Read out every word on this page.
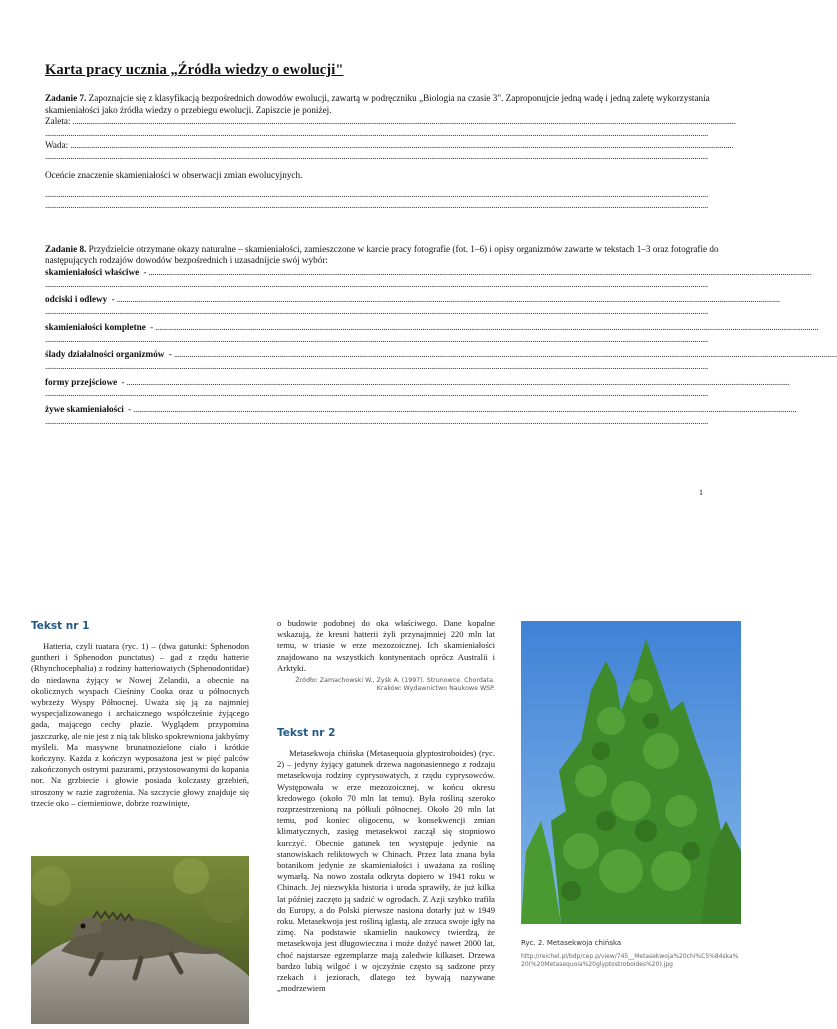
Karta pracy ucznia „Źródła wiedzy o ewolucji"
Zadanie 7. Zapoznajcie się z klasyfikacją bezpośrednich dowodów ewolucji, zawartą w podręczniku „Biologia na czasie 3". Zaproponujcie jedną wadę i jedną zaletę wykorzystania skamieniałości jako źródła wiedzy o przebiegu ewolucji. Zapiszcie je poniżej.
Zaleta: ....................................................................................................................................................................................................................................................................................................................................................
....................................................................................................................................................................................................................................................................................................................................................
Wada: ....................................................................................................................................................................................................................................................................................................................................................
....................................................................................................................................................................................................................................................................................................................................................
Oceńcie znaczenie skamieniałości w obserwacji zmian ewolucyjnych.
....................................................................................................................................................................................................................................................................................................................................................
....................................................................................................................................................................................................................................................................................................................................................
Zadanie 8. Przydzielcie otrzymane okazy naturalne – skamieniałości, zamieszczone w karcie pracy fotografie (fot. 1–6) i opisy organizmów zawarte w tekstach 1–3 oraz fotografie do następujących rodzajów dowodów bezpośrednich i uzasadnijcie swój wybór:
skamieniałości właściwe - ....................................................................................................................................................................................................................................................................................................................................................
....................................................................................................................................................................................................................................................................................................................................................
odciski i odlewy - ....................................................................................................................................................................................................................................................................................................................................................
....................................................................................................................................................................................................................................................................................................................................................
skamieniałości kompletne - ....................................................................................................................................................................................................................................................................................................................................................
....................................................................................................................................................................................................................................................................................................................................................
ślady działalności organizmów - ....................................................................................................................................................................................................................................................................................................................................................
....................................................................................................................................................................................................................................................................................................................................................
formy przejściowe - ....................................................................................................................................................................................................................................................................................................................................................
....................................................................................................................................................................................................................................................................................................................................................
żywe skamieniałości - ....................................................................................................................................................................................................................................................................................................................................................
....................................................................................................................................................................................................................................................................................................................................................
1
Tekst nr 1

Hatteria, czyli tuatara (ryc. 1) – (dwa gatunki: Sphenodon guntheri i Sphenodon punctatus) – gad z rzędu hatterie (Rhynchocephalia) z rodziny hatteriowatych (Sphenodontidae) do niedawna żyjący w Nowej Zelandii, a obecnie na okolicznych wyspach Cieśniny Cooka oraz u północnych wybrzeży Wyspy Północnej. Uważa się ją za najmniej wyspecjalizowanego i archaicznego współcześnie żyjącego gada, mającego cechy płazie. Wyglądem przypomina jaszczurkę, ale nie jest z nią tak blisko spokrewniona jakbyśmy myśleli. Ma masywne brunatnozielone ciało i krótkie kończyny. Każda z kończyn wyposażona jest w pięć palców zakończonych ostrymi pazurami, przystosowanymi do kopania nor. Na grzbiecie i głowie posiada kolczasty grzebień, stroszony w razie zagrożenia. Na szczycie głowy znajduje się trzecie oko – ciemieniowe, dobrze rozwinięte,

o budowie podobnej do oka właściwego. Dane kopalne wskazują, że kresni hatterii żyli przynajmniej 220 mln lat temu, w triasie w erze mezozoicznej. Ich skamieniałości znajdowano na wszystkich kontynentach oprócz Australii i Arktyki.

Źródło: Zamachowski W., Zyśk A. (1997). Strunowce. Chordata. Kraków: Wydawnictwo Naukowe WSP.
Tekst nr 2

Metasekwoja chińska (Metasequoia glyptostroboides) (ryc. 2) – jedyny żyjący gatunek drzewa nagonasiennego z rodzaju metasekwoja rodziny cyprysowatych, z rzędu cyprysowców. Występowała w erze mezozoicznej, w końcu okresu kredowego (około 70 mln lat temu). Była rośliną szeroko rozprzestrzenioną na półkuli północnej. Około 20 mln lat temu, pod koniec oligocenu, w konsekwencji zmian klimatycznych, zasięg metasekwoi zaczął się stopniowo kurczyć. Obecnie gatunek ten występuje jedynie na stanowiskach reliktowych w Chinach. Przez lata znana była botanikom jedynie ze skamieniałości i uważana za roślinę wymarłą. Na nowo została odkryta dopiero w 1941 roku w Chinach. Jej niezwykła historia i uroda sprawiły, że już kilka lat później zaczęto ją sadzić w ogrodach. Z Azji szybko trafiła do Europy, a do Polski pierwsze nasiona dotarły już w 1949 roku. Metasekwoja jest rośliną iglastą, ale zrzuca swoje igły na zimę. Na podstawie skamielin naukowcy twierdzą, że metasekwoja jest długowieczna i może dożyć nawet 2000 lat, choć najstarsze egzemplarze mają zaledwie kilkaset. Drzewa bardzo lubią wilgoć i w ojczyźnie często są sadzone przy rzekach i jeziorach, dlatego też bywają nazywane „modrzewiem

Ryc. 2. Metasekwoja chińska
http://reichel.pl/bdp/cep.p/view/745__Metasekwoja%20chi%C5%84ska%20(%20Metasequoia%20glyptostroboides%20).jpg
